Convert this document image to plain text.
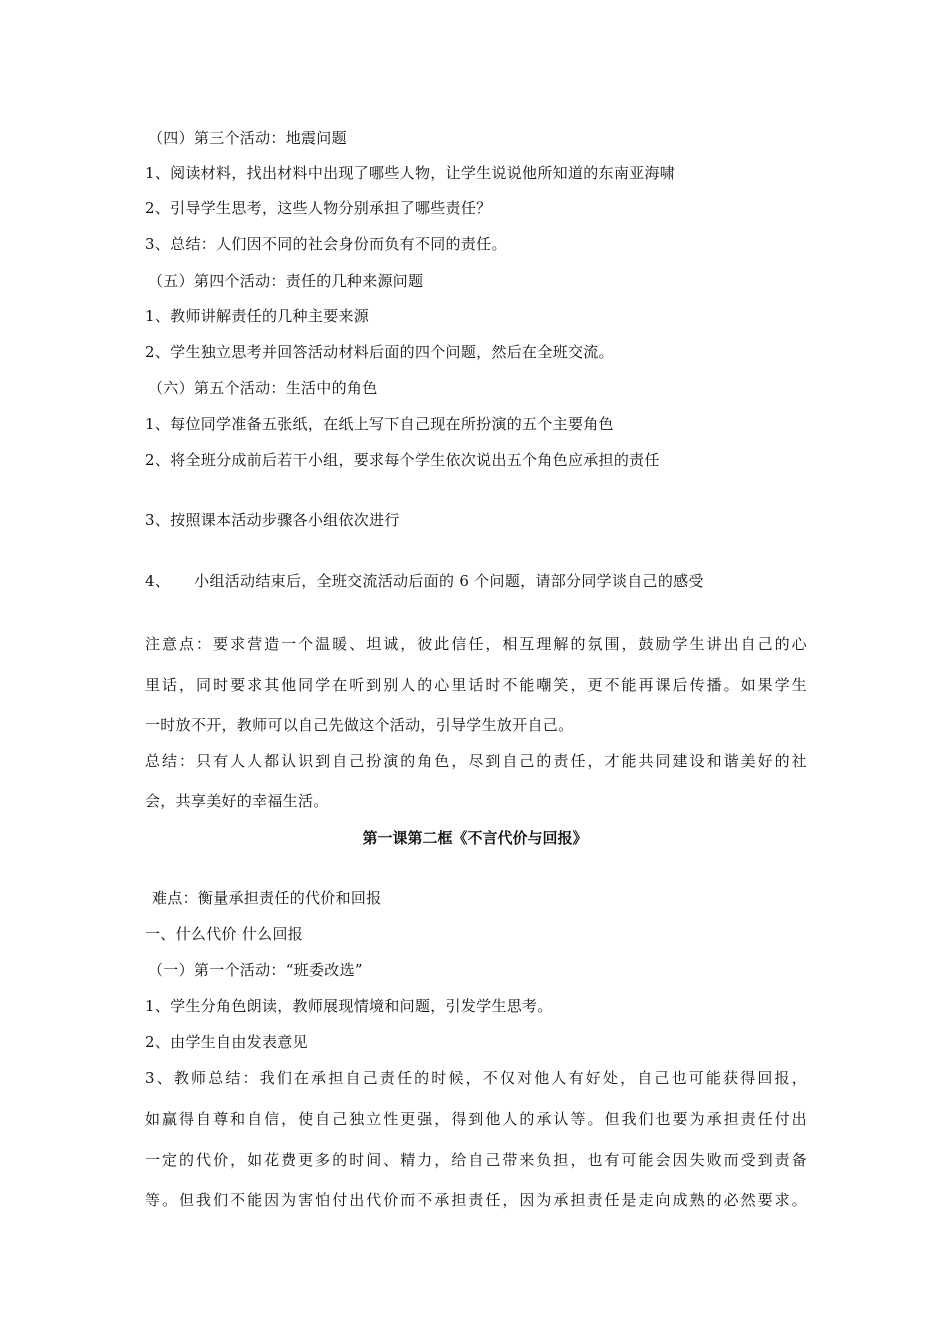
（四）第三个活动：地震问题
1、阅读材料，找出材料中出现了哪些人物，让学生说说他所知道的东南亚海啸
2、引导学生思考，这些人物分别承担了哪些责任？
3、总结：人们因不同的社会身份而负有不同的责任。
（五）第四个活动：责任的几种来源问题
1、教师讲解责任的几种主要来源
2、学生独立思考并回答活动材料后面的四个问题，然后在全班交流。
（六）第五个活动：生活中的角色
1、每位同学准备五张纸，在纸上写下自己现在所扮演的五个主要角色
2、将全班分成前后若干小组，要求每个学生依次说出五个角色应承担的责任
3、按照课本活动步骤各小组依次进行
4、 小组活动结束后，全班交流活动后面的 6 个问题，请部分同学谈自己的感受
注意点：要求营造一个温暖、坦诚，彼此信任，相互理解的氛围，鼓励学生讲出自己的心
里话，同时要求其他同学在听到别人的心里话时不能嘲笑，更不能再课后传播。如果学生
一时放不开，教师可以自己先做这个活动，引导学生放开自己。
总结：只有人人都认识到自己扮演的角色，尽到自己的责任，才能共同建设和谐美好的社
会，共享美好的幸福生活。
第一课第二框《不言代价与回报》
难点：衡量承担责任的代价和回报
一、什么代价 什么回报
（一）第一个活动：“班委改选”
1、学生分角色朗读，教师展现情境和问题，引发学生思考。
2、由学生自由发表意见
3、教师总结：我们在承担自己责任的时候，不仅对他人有好处，自己也可能获得回报，
如赢得自尊和自信，使自己独立性更强，得到他人的承认等。但我们也要为承担责任付出
一定的代价，如花费更多的时间、精力，给自己带来负担，也有可能会因失败而受到责备
等。但我们不能因为害怕付出代价而不承担责任，因为承担责任是走向成熟的必然要求。
